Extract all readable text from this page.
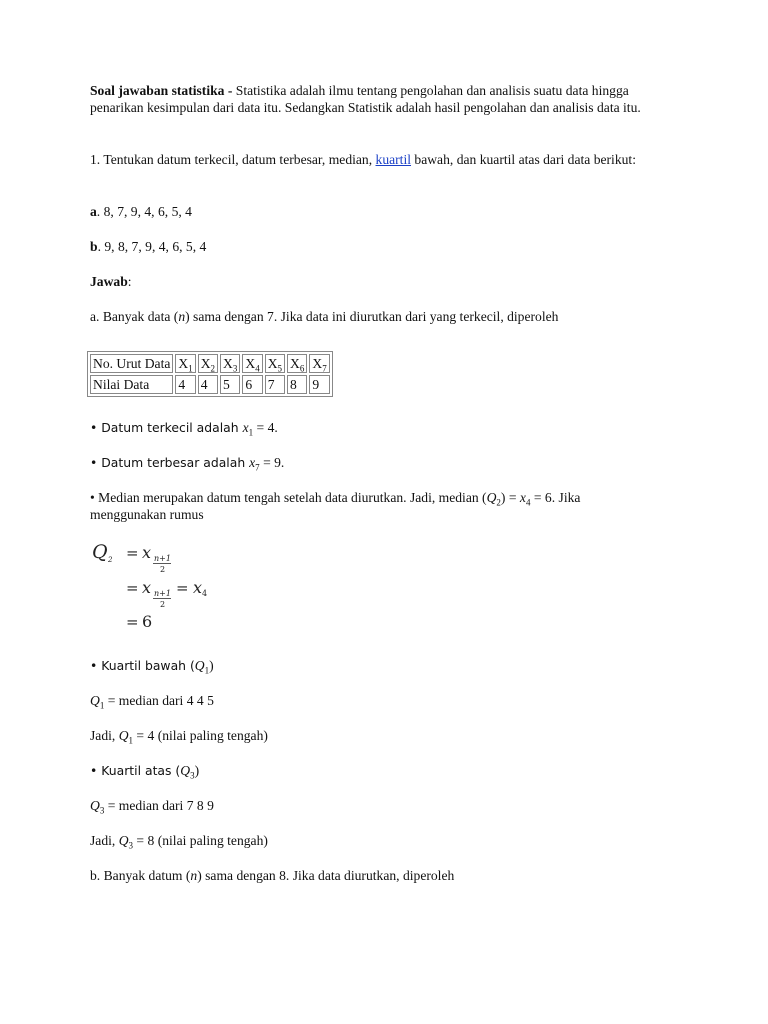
Soal jawaban statistika - Statistika adalah ilmu tentang pengolahan dan analisis suatu data hingga penarikan kesimpulan dari data itu. Sedangkan Statistik adalah hasil pengolahan dan analisis data itu.

1. Tentukan datum terkecil, datum terbesar, median, kuartil bawah, dan kuartil atas dari data berikut:

a. 8, 7, 9, 4, 6, 5, 4

b. 9, 8, 7, 9, 4, 6, 5, 4

Jawab:

a. Banyak data (n) sama dengan 7. Jika data ini diurutkan dari yang terkecil, diperoleh

No. Urut Data	$X_1$	$X_2$	$X_3$	$X_4$	$X_5$	$X_6$	$X_7$
Nilai Data	4	4	5	6	7	8	9

• Datum terkecil adalah $x_1 = 4$.

• Datum terbesar adalah $x_7 = 9$.

• Median merupakan datum tengah setelah data diurutkan. Jadi, median $(Q_2) = x_4 = 6$. Jika menggunakan rumus

Q 2 = x n+1
2
= x n+1
2
= x 4
= 6

• Kuartil bawah $(Q_1)$

$Q_1$ = median dari 4 4 5

Jadi, $Q_1 = 4$ (nilai paling tengah)

• Kuartil atas $(Q_3)$

$Q_3$ = median dari 7 8 9

Jadi, $Q_3 = 8$ (nilai paling tengah)

b. Banyak datum (n) sama dengan 8. Jika data diurutkan, diperoleh
